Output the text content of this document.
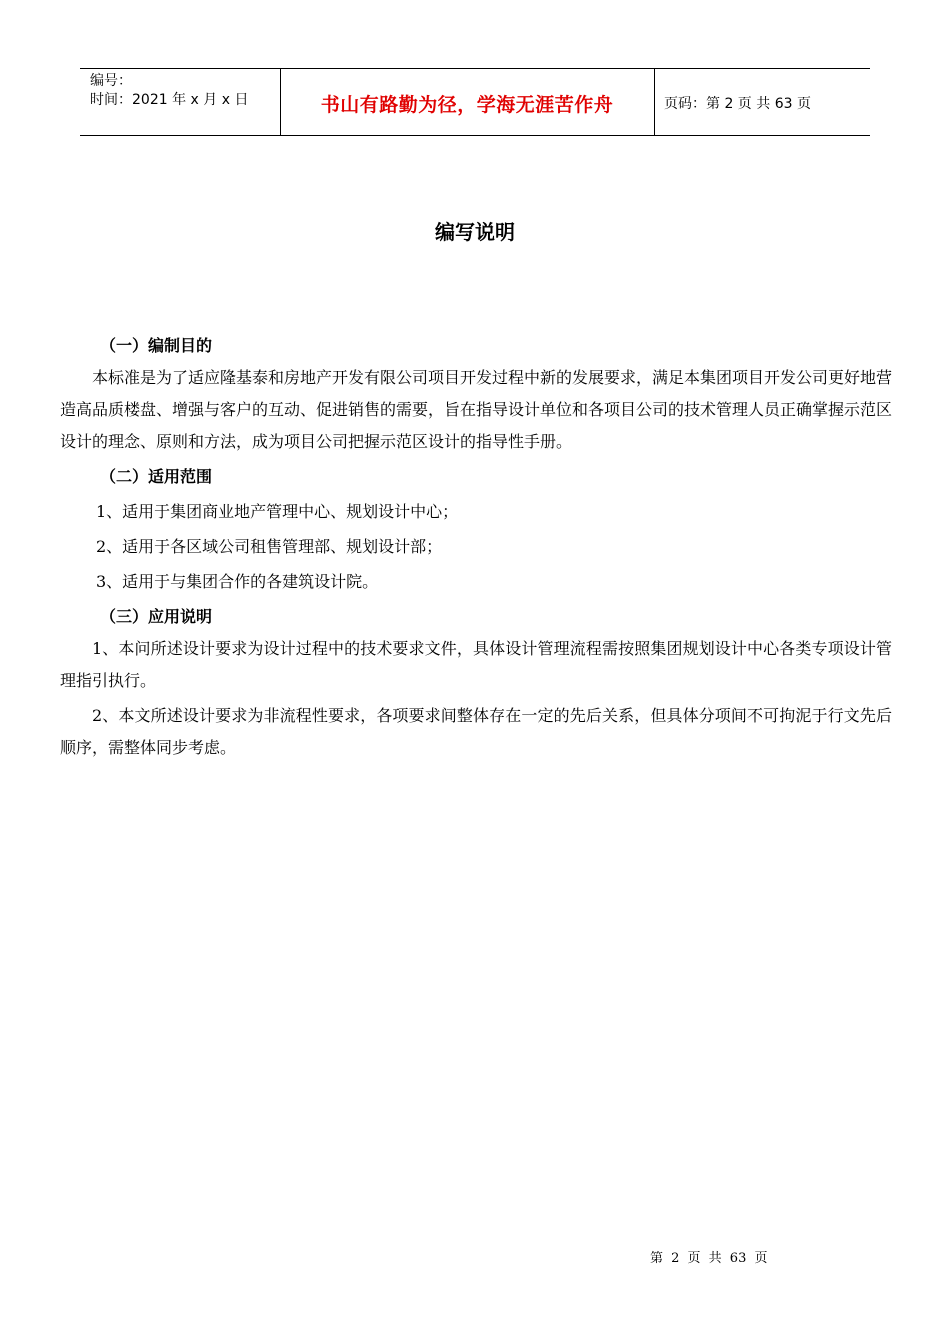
编号：
时间：2021 年 x 月 x 日	书山有路勤为径，学海无涯苦作舟	页码：第 2 页 共 63 页
编写说明
（一）编制目的

本标准是为了适应隆基泰和房地产开发有限公司项目开发过程中新的发展要求，满足本集团项目开发公司更好地营造高品质楼盘、增强与客户的互动、促进销售的需要，旨在指导设计单位和各项目公司的技术管理人员正确掌握示范区设计的理念、原则和方法，成为项目公司把握示范区设计的指导性手册。

（二）适用范围
1、适用于集团商业地产管理中心、规划设计中心；
2、适用于各区域公司租售管理部、规划设计部；
3、适用于与集团合作的各建筑设计院。
（三）应用说明

1、本问所述设计要求为设计过程中的技术要求文件，具体设计管理流程需按照集团规划设计中心各类专项设计管理指引执行。

2、本文所述设计要求为非流程性要求，各项要求间整体存在一定的先后关系，但具体分项间不可拘泥于行文先后顺序，需整体同步考虑。

第 2 页 共 63 页
